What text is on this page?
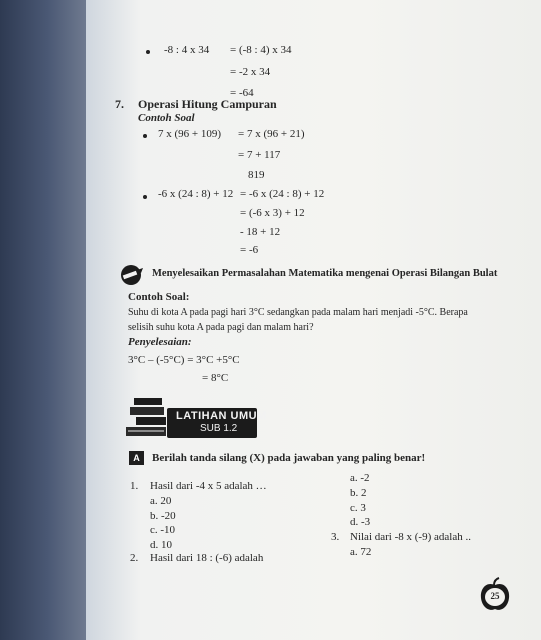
-8 : 4 x 34 = (-8 : 4) x 34
= -2 x 34
= -64
7. Operasi Hitung Campuran
Contoh Soal
7 x (96 + 109) = 7 x (96 + 21)
= 7 + 117
819
-6 x (24 : 8) + 12 = -6 x (24 : 8) + 12
= (-6 x 3) + 12
- 18 + 12
= -6
Menyelesaikan Permasalahan Matematika mengenai Operasi Bilangan Bulat
Contoh Soal:
Suhu di kota A pada pagi hari 3°C sedangkan pada malam hari menjadi -5°C. Berapa
selisih suhu kota A pada pagi dan malam hari?
Penyelesaian:
3°C – (-5°C) = 3°C +5°C
= 8°C
LATIHAN UMUM
SUB 1.2
A	Berilah tanda silang (X) pada jawaban yang paling benar!
1. Hasil dari -4 x 5 adalah …
a. 20
b. -20
c. -10
d. 10
2. Hasil dari 18 : (-6) adalah
a. -2
b. 2
c. 3
d. -3
3. Nilai dari -8 x (-9) adalah ..
a. 72
25
